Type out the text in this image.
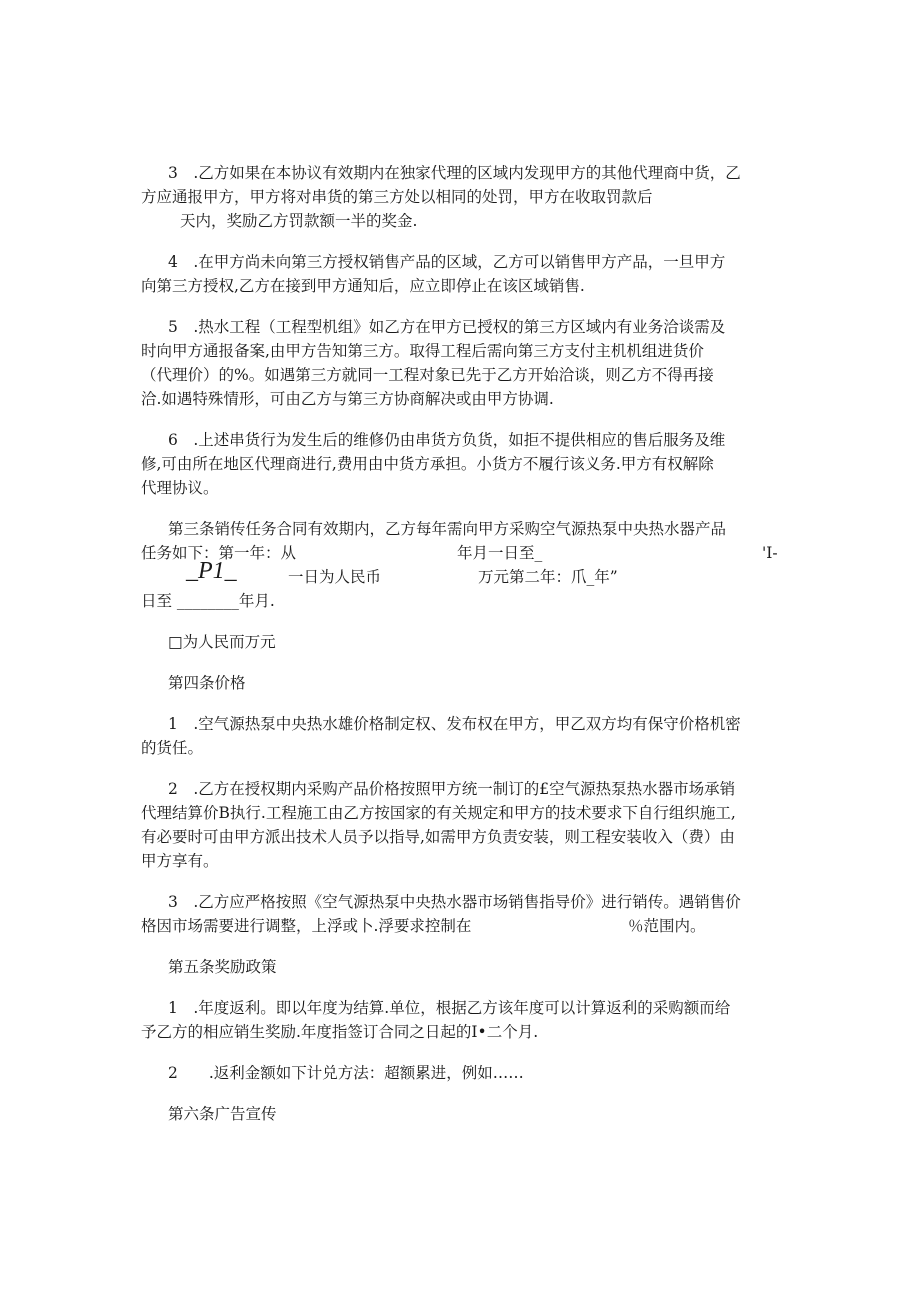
3　.乙方如果在本协议有效期内在独家代理的区域内发现甲方的其他代理商中货，乙
方应通报甲方，甲方将对串货的第三方处以相同的处罚，甲方在收取罚款后
天内，奖励乙方罚款额一半的奖金.
4　.在甲方尚未向第三方授权销售产品的区域，乙方可以销售甲方产品，一旦甲方
向第三方授权,乙方在接到甲方通知后，应立即停止在该区域销售.
5　.热水工程（工程型机组》如乙方在甲方已授权的第三方区域内有业务洽谈需及
时向甲方通报备案,由甲方告知第三方。取得工程后需向第三方支付主机机组进货价
（代理价）的%。如遇第三方就同一工程对象已先于乙方开始洽谈，则乙方不得再接
洽.如遇特殊情形，可由乙方与第三方协商解决或由甲方协调.
6　.上述串货行为发生后的维修仍由串货方负货，如拒不提供相应的售后服务及维
修,可由所在地区代理商进行,费用由中货方承担。小货方不履行该义务.甲方有权解除
代理协议。
第三条销传任务合同有效期内，乙方每年需向甲方采购空气源热泵中央热水器产品
任务如下：第一年：从	年月一日至_	'I-
_P1_	一日为人民币	万元第二年：爪_年”
日至 ________年月.
□为人民而万元
第四条价格
1　.空气源热泵中央热水雄价格制定权、发布权在甲方，甲乙双方均有保守价格机密
的货任。
2　.乙方在授权期内采购产品价格按照甲方统一制订的£空气源热泵热水器市场承销
代理结算价B执行.工程施工由乙方按国家的有关规定和甲方的技术要求下自行组织施工,
有必要时可由甲方派出技术人员予以指导,如需甲方负责安装，则工程安装收入（费）由
甲方享有。
3　.乙方应严格按照《空气源热泵中央热水器市场销售指导价》进行销传。遇销售价
格因市场需要进行调整，上浮或卜.浮要求控制在	％范围内。
第五条奖励政策
1　.年度返利。即以年度为结算.单位，根据乙方该年度可以计算返利的采购额而给
予乙方的相应销生奖励.年度指签订合同之日起的I•二个月.
2　　.返利金额如下计兑方法：超额累进，例如……
第六条广告宣传
